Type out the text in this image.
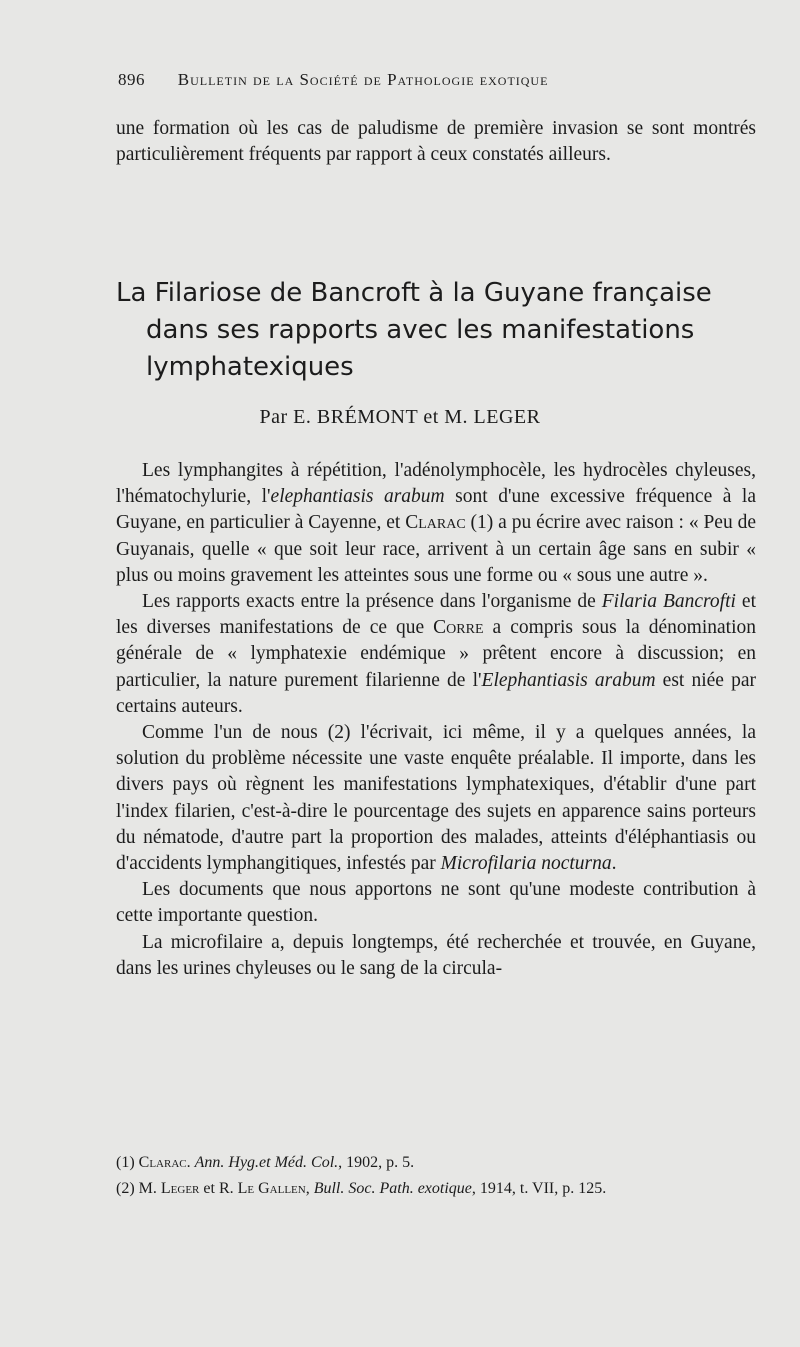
896 Bulletin de la Société de Pathologie exotique

une formation où les cas de paludisme de première invasion se sont montrés particulièrement fréquents par rapport à ceux constatés ailleurs.

La Filariose de Bancroft à la Guyane française
dans ses rapports avec les manifestations lymphatexiques
Par E. BRÉMONT et M. LEGER

Les lymphangites à répétition, l'adénolymphocèle, les hydrocèles chyleuses, l'hématochylurie, l'elephantiasis arabum sont d'une excessive fréquence à la Guyane, en particulier à Cayenne, et Clarac (1) a pu écrire avec raison : « Peu de Guyanais, quelle « que soit leur race, arrivent à un certain âge sans en subir « plus ou moins gravement les atteintes sous une forme ou « sous une autre ».

Les rapports exacts entre la présence dans l'organisme de Filaria Bancrofti et les diverses manifestations de ce que Corre a compris sous la dénomination générale de « lymphatexie endémique » prêtent encore à discussion; en particulier, la nature purement filarienne de l'Elephantiasis arabum est niée par certains auteurs.

Comme l'un de nous (2) l'écrivait, ici même, il y a quelques années, la solution du problème nécessite une vaste enquête préalable. Il importe, dans les divers pays où règnent les manifestations lymphatexiques, d'établir d'une part l'index filarien, c'est-à-dire le pourcentage des sujets en apparence sains porteurs du nématode, d'autre part la proportion des malades, atteints d'éléphantiasis ou d'accidents lymphangitiques, infestés par Microfilaria nocturna.

Les documents que nous apportons ne sont qu'une modeste contribution à cette importante question.

La microfilaire a, depuis longtemps, été recherchée et trouvée, en Guyane, dans les urines chyleuses ou le sang de la circula-

(1) Clarac. Ann. Hyg.et Méd. Col., 1902, p. 5.

(2) M. Leger et R. Le Gallen, Bull. Soc. Path. exotique, 1914, t. VII, p. 125.
